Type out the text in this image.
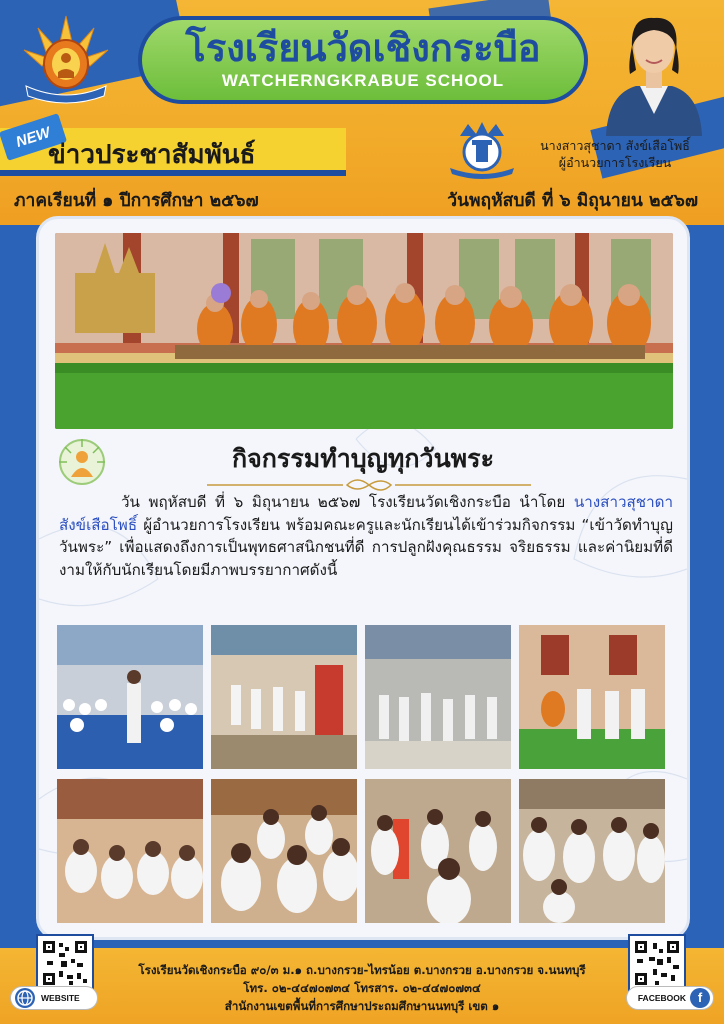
โรงเรียนวัดเชิงกระบือ
WATCHERNGKRABUE SCHOOL
NEW
ข่าวประชาสัมพันธ์	นางสาวสุชาดา สังข์เสือโพธิ์
ผู้อำนวยการโรงเรียน
ภาคเรียนที่ ๑ ปีการศึกษา ๒๕๖๗	วันพฤหัสบดี ที่ ๖ มิถุนายน ๒๕๖๗
กิจกรรมทำบุญทุกวันพระ
วัน พฤหัสบดี ที่ ๖ มิถุนายน ๒๕๖๗ โรงเรียนวัดเชิงกระบือ นำโดย นางสาวสุชาดา สังข์เสือโพธิ์ ผู้อำนวยการโรงเรียน พร้อมคณะครูและนักเรียนได้เข้าร่วมกิจกรรม “เข้าวัดทำบุญวันพระ” เพื่อแสดงถึงการเป็นพุทธศาสนิกชนที่ดี การปลูกฝังคุณธรรม จริยธรรม และค่านิยมที่ดีงามให้กับนักเรียนโดยมีภาพบรรยากาศดังนี้
WEBSITE	FACEBOOK f
โรงเรียนวัดเชิงกระบือ ๙๐/๓ ม.๑ ถ.บางกรวย-ไทรน้อย ต.บางกรวย อ.บางกรวย จ.นนทบุรี
โทร. ๐๒-๔๔๗๐๗๓๔ โทรสาร. ๐๒-๔๔๗๐๗๓๔
สำนักงานเขตพื้นที่การศึกษาประถมศึกษานนทบุรี เขต ๑
